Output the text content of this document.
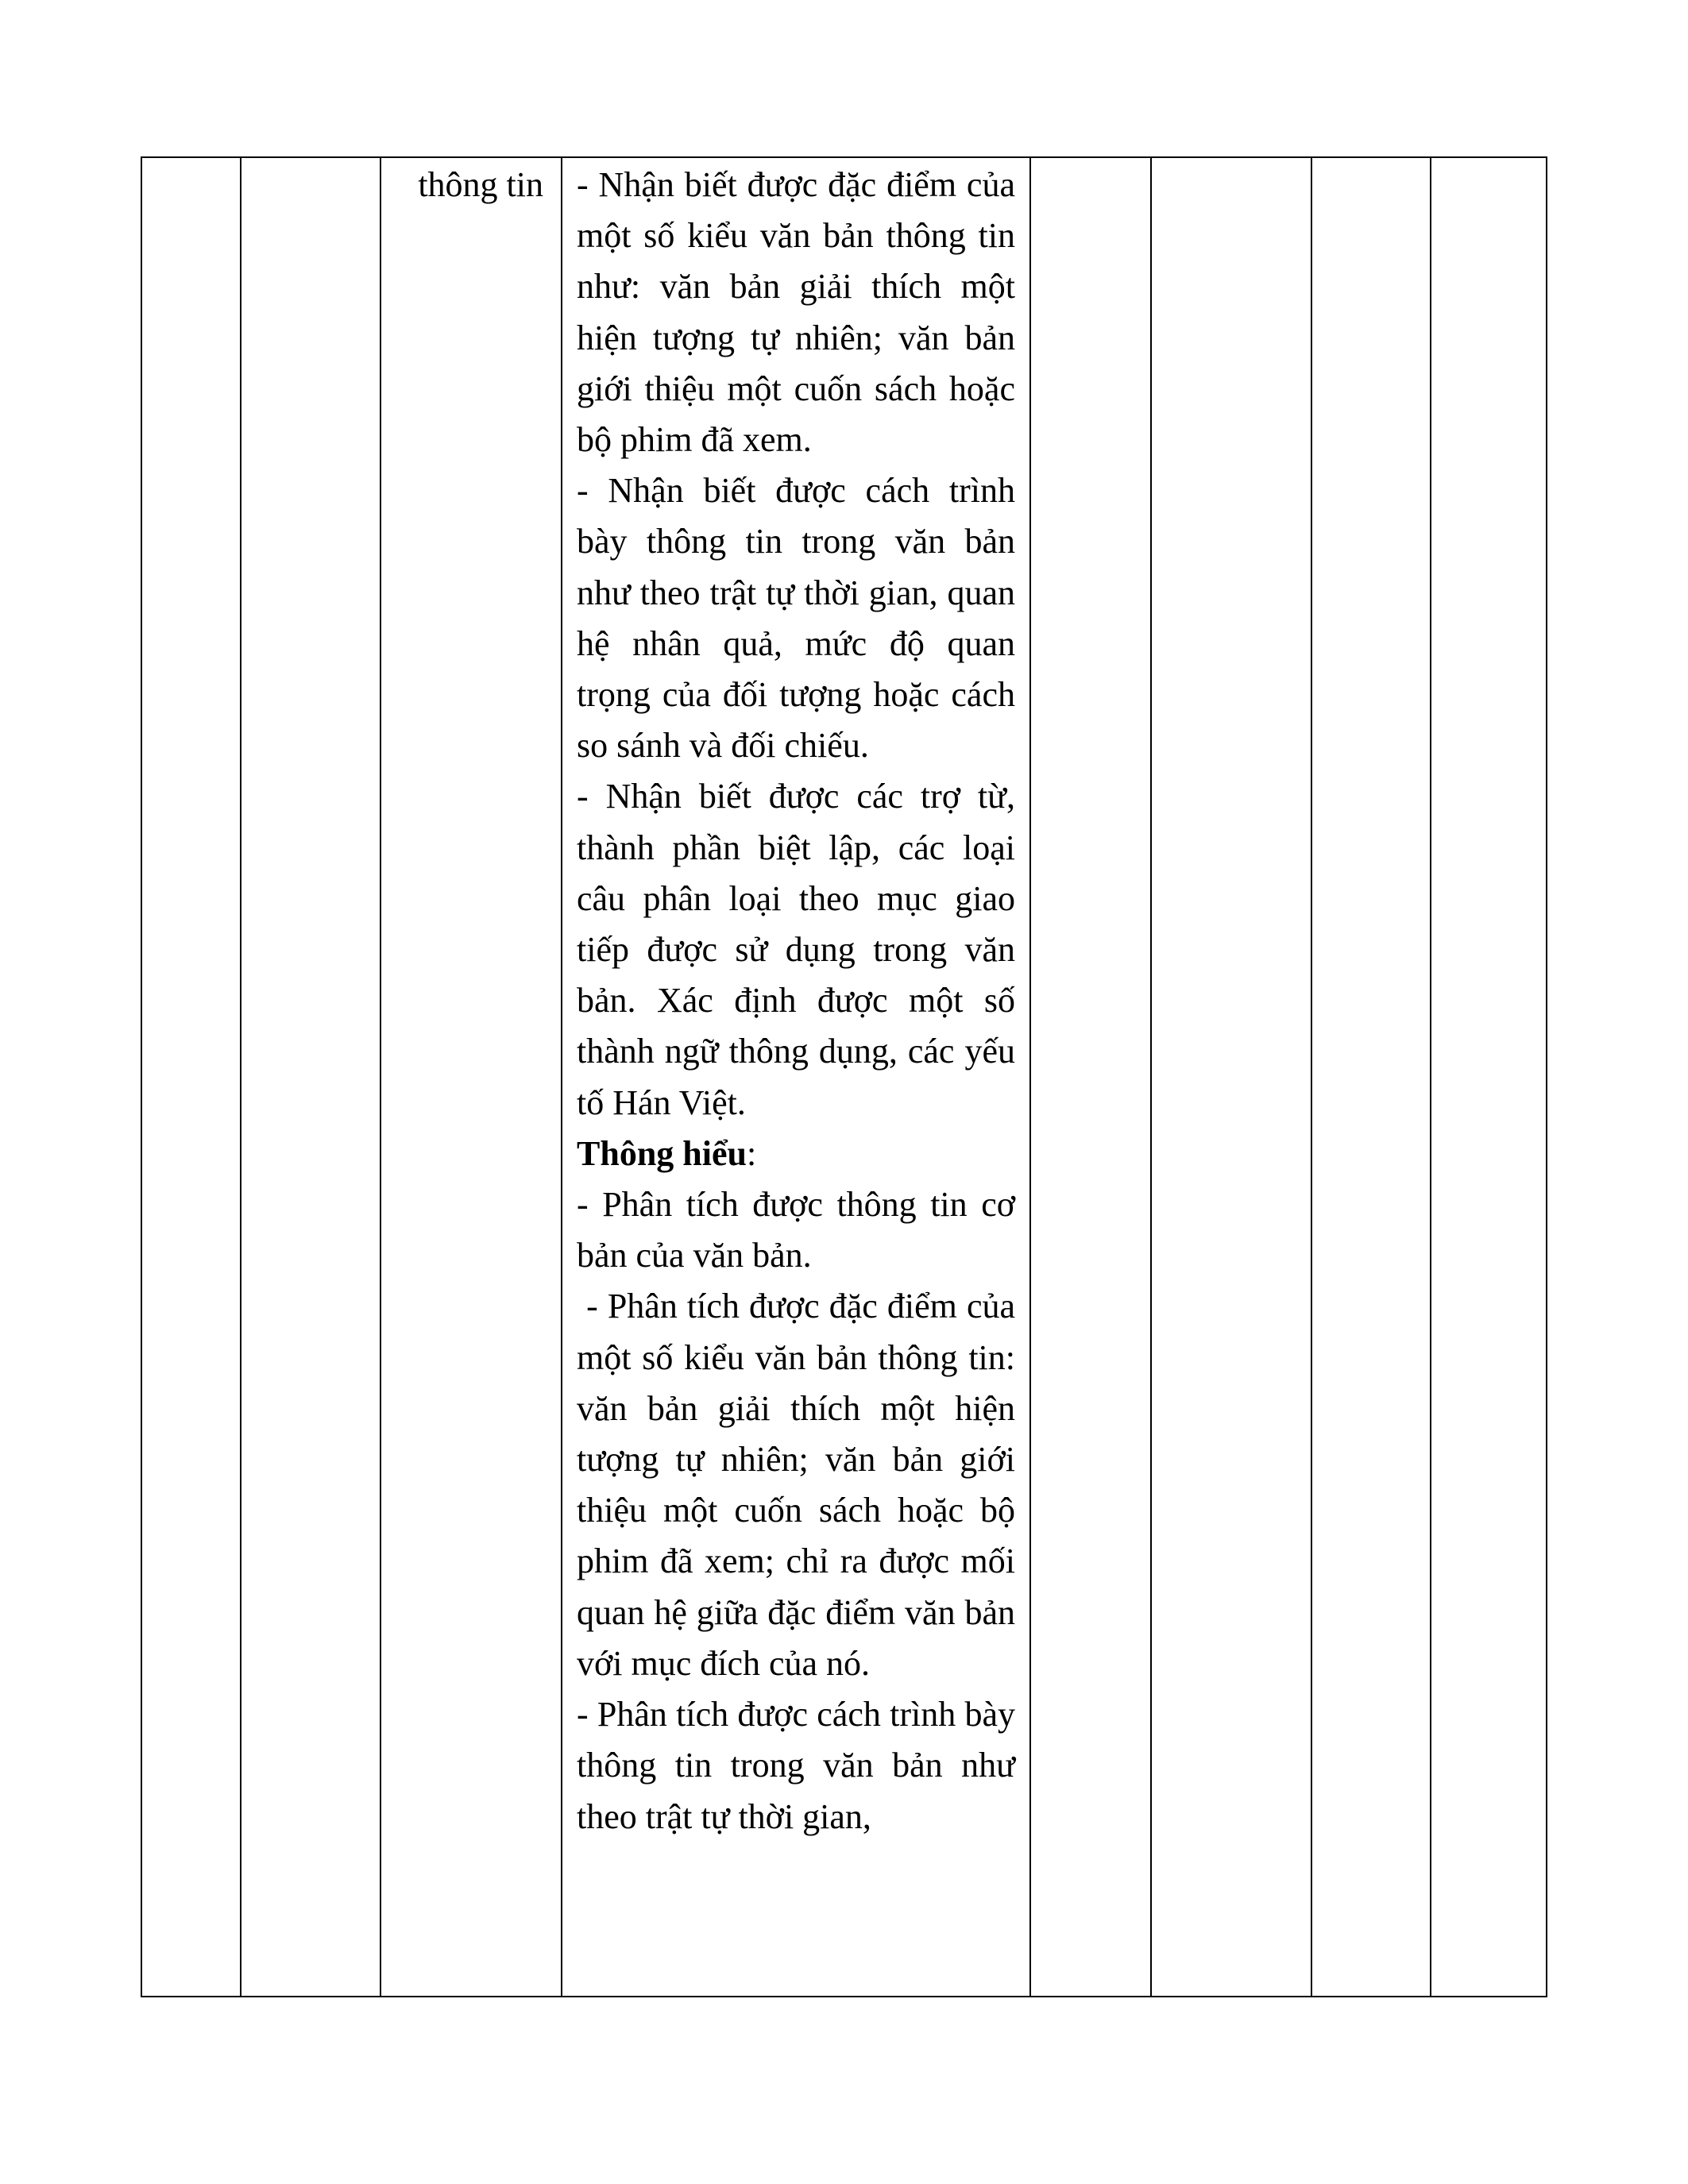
		thông tin	- Nhận biết được đặc điểm của một số kiểu văn bản thông tin như: văn bản giải thích một hiện tượng tự nhiên; văn bản giới thiệu một cuốn sách hoặc bộ phim đã xem.

- Nhận biết được cách trình bày thông tin trong văn bản như theo trật tự thời gian, quan hệ nhân quả, mức độ quan trọng của đối tượng hoặc cách so sánh và đối chiếu.

- Nhận biết được các trợ từ, thành phần biệt lập, các loại câu phân loại theo mục giao tiếp được sử dụng trong văn bản. Xác định được một số thành ngữ thông dụng, các yếu tố Hán Việt.

Thông hiểu:

- Phân tích được thông tin cơ bản của văn bản.

- Phân tích được đặc điểm của một số kiểu văn bản thông tin: văn bản giải thích một hiện tượng tự nhiên; văn bản giới thiệu một cuốn sách hoặc bộ phim đã xem; chỉ ra được mối quan hệ giữa đặc điểm văn bản với mục đích của nó.

- Phân tích được cách trình bày thông tin trong văn bản như theo trật tự thời gian,
